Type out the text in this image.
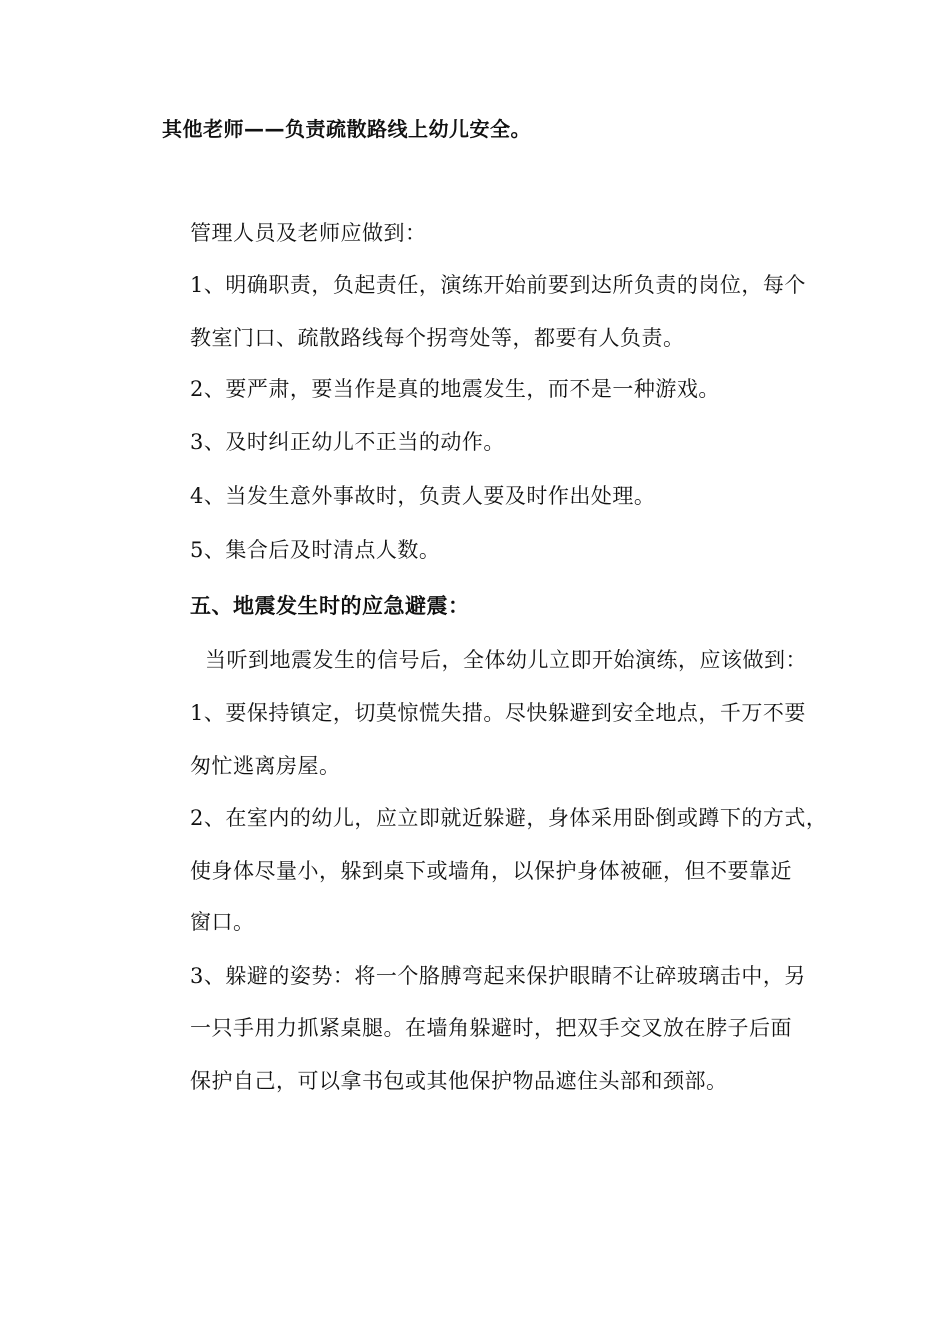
其他老师——负责疏散路线上幼儿安全。
管理人员及老师应做到：
1、明确职责，负起责任，演练开始前要到达所负责的岗位，每个
教室门口、疏散路线每个拐弯处等，都要有人负责。
2、要严肃，要当作是真的地震发生，而不是一种游戏。
3、及时纠正幼儿不正当的动作。
4、当发生意外事故时，负责人要及时作出处理。
5、集合后及时清点人数。
五、地震发生时的应急避震：
当听到地震发生的信号后，全体幼儿立即开始演练，应该做到：
1、要保持镇定，切莫惊慌失措。尽快躲避到安全地点，千万不要
匆忙逃离房屋。
2、在室内的幼儿，应立即就近躲避，身体采用卧倒或蹲下的方式，
使身体尽量小，躲到桌下或墙角，以保护身体被砸，但不要靠近
窗口。
3、躲避的姿势：将一个胳膊弯起来保护眼睛不让碎玻璃击中，另
一只手用力抓紧桌腿。在墙角躲避时，把双手交叉放在脖子后面
保护自己，可以拿书包或其他保护物品遮住头部和颈部。
